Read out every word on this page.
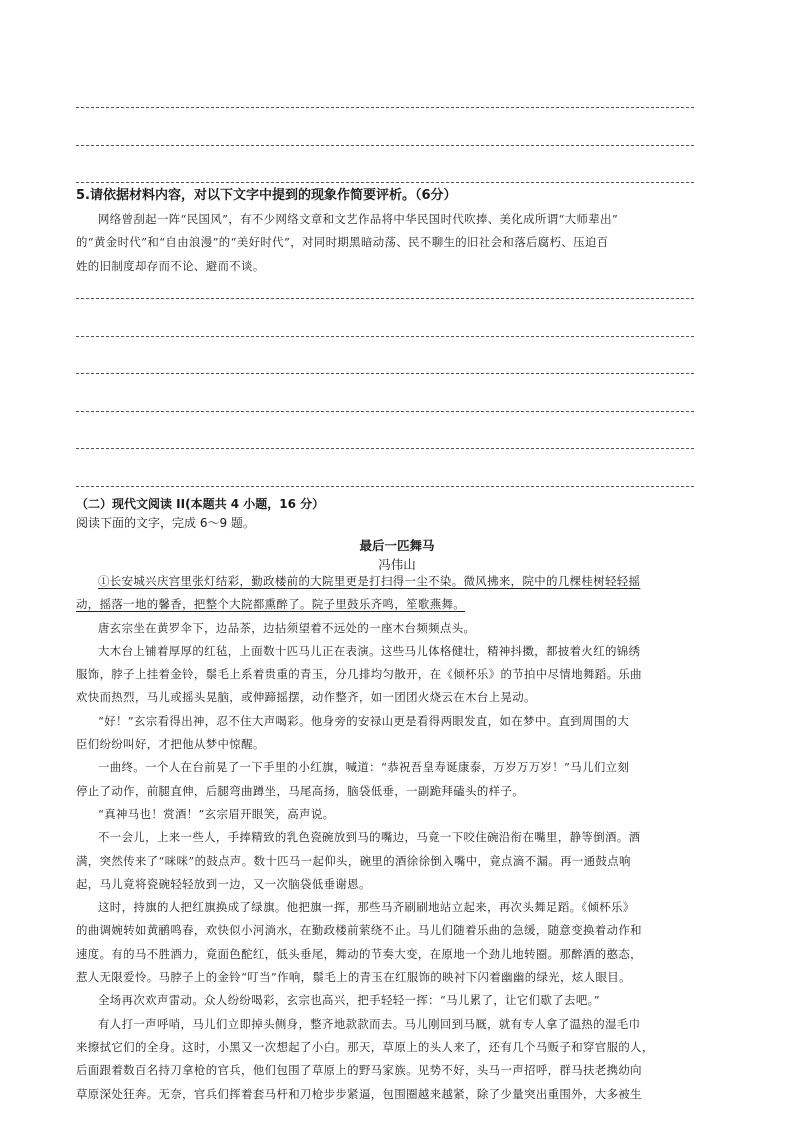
5.请依据材料内容，对以下文字中提到的现象作简要评析。（6分）

网络曾刮起一阵“民国风”，有不少网络文章和文艺作品将中华民国时代吹捧、美化成所谓“大师辈出”

的“黄金时代”和“自由浪漫”的“美好时代”，对同时期黑暗动荡、民不聊生的旧社会和落后腐朽、压迫百

姓的旧制度却存而不论、避而不谈。

（二）现代文阅读 II(本题共 4 小题，16 分）
阅读下面的文字，完成 6～9 题。
最后一匹舞马
冯伟山

①长安城兴庆宫里张灯结彩，勤政楼前的大院里更是打扫得一尘不染。微风拂来，院中的几棵桂树轻轻摇

动，摇落一地的馨香，把整个大院都熏醉了。院子里鼓乐齐鸣，笙歌燕舞。

唐玄宗坐在黄罗伞下，边品茶，边拈须望着不远处的一座木台频频点头。

大木台上铺着厚厚的红毡，上面数十匹马儿正在表演。这些马儿体格健壮，精神抖擞，都披着火红的锦绣

服饰，脖子上挂着金铃，鬃毛上系着贵重的青玉，分几排均匀散开，在《倾杯乐》的节拍中尽情地舞蹈。乐曲

欢快而热烈，马儿或摇头晃脑，或伸蹄摇摆，动作整齐，如一团团火烧云在木台上晃动。

“好！”玄宗看得出神，忍不住大声喝彩。他身旁的安禄山更是看得两眼发直，如在梦中。直到周围的大

臣们纷纷叫好，才把他从梦中惊醒。

一曲终。一个人在台前晃了一下手里的小红旗，喊道：“恭祝吾皇寿诞康泰，万岁万万岁！”马儿们立刻

停止了动作，前腿直伸，后腿弯曲蹲坐，马尾高扬，脑袋低垂，一副跪拜磕头的样子。

“真神马也！赏酒！”玄宗眉开眼笑，高声说。

不一会儿，上来一些人，手捧精致的乳色瓷碗放到马的嘴边，马竟一下咬住碗沿衔在嘴里，静等倒酒。酒

满，突然传来了“咪咪”的鼓点声。数十匹马一起仰头，碗里的酒徐徐倒入嘴中，竟点滴不漏。再一通鼓点响

起，马儿竟将瓷碗轻轻放到一边，又一次脑袋低垂谢恩。

这时，持旗的人把红旗换成了绿旗。他把旗一挥，那些马齐刷刷地站立起来，再次头舞足蹈。《倾杯乐》

的曲调婉转如黄鹂鸣春，欢快似小河淌水，在勤政楼前萦绕不止。马儿们随着乐曲的急缓，随意变换着动作和

速度。有的马不胜酒力，竟面色酡红，低头垂尾，舞动的节奏大变，在原地一个劲儿地转圈。那醉酒的憨态，

惹人无限爱怜。马脖子上的金铃“叮当”作响，鬃毛上的青玉在红服饰的映衬下闪着幽幽的绿光，炫人眼目。

全场再次欢声雷动。众人纷纷喝彩，玄宗也高兴，把手轻轻一挥：“马儿累了，让它们歇了去吧。”

有人打一声呼哨，马儿们立即掉头侧身，整齐地款款而去。马儿刚回到马厩，就有专人拿了温热的湿毛巾

来擦拭它们的全身。这时，小黑又一次想起了小白。那天，草原上的头人来了，还有几个马贩子和穿官服的人，

后面跟着数百名持刀拿枪的官兵，他们包围了草原上的野马家族。见势不好，头马一声招呼，群马扶老携幼向

草原深处狂奔。无奈，官兵们挥着套马杆和刀枪步步紧逼，包围圈越来越紧，除了少量突出重围外，大多被生
